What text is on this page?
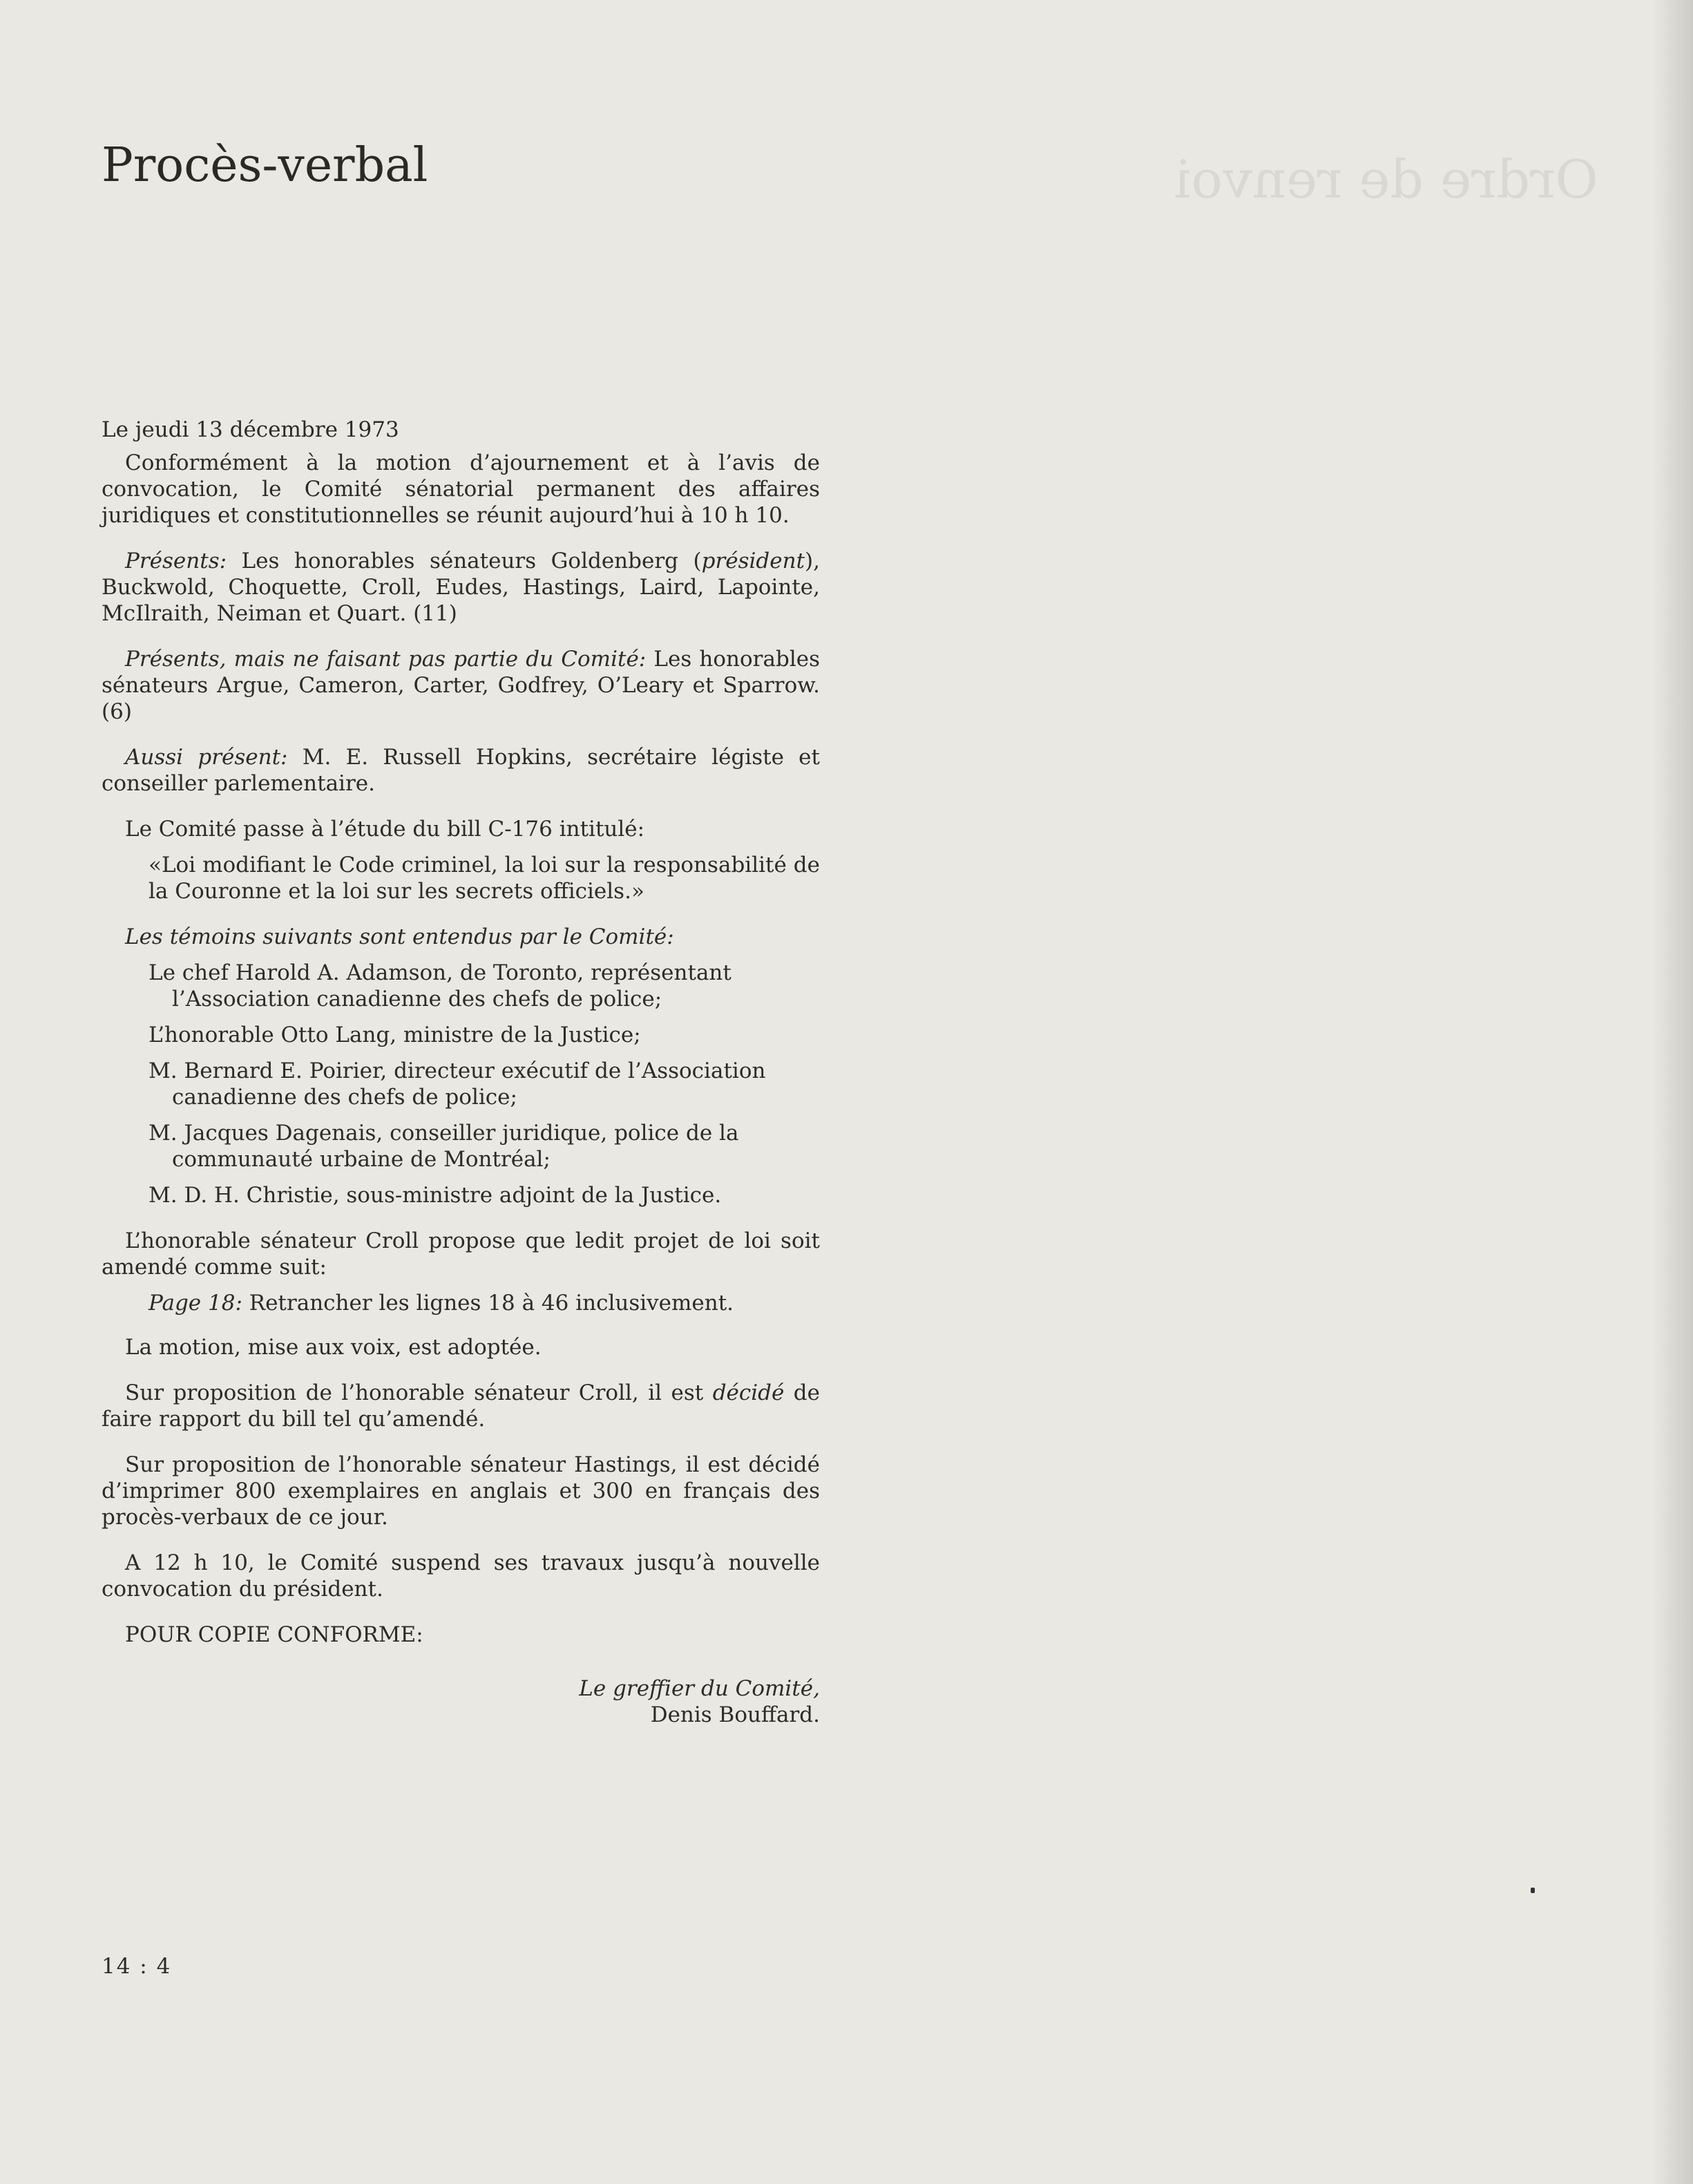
Ordre de renvoi
Procès-verbal

Le jeudi 13 décembre 1973

Conformément à la motion d’ajournement et à l’avis de convocation, le Comité sénatorial permanent des affaires juridiques et constitutionnelles se réunit aujourd’hui à 10 h 10.

Présents: Les honorables sénateurs Goldenberg (président), Buckwold, Choquette, Croll, Eudes, Hastings, Laird, Lapointe, McIlraith, Neiman et Quart. (11)

Présents, mais ne faisant pas partie du Comité: Les honorables sénateurs Argue, Cameron, Carter, Godfrey, O’Leary et Sparrow. (6)

Aussi présent: M. E. Russell Hopkins, secrétaire légiste et conseiller parlementaire.

Le Comité passe à l’étude du bill C-176 intitulé:

«Loi modifiant le Code criminel, la loi sur la responsabilité de la Couronne et la loi sur les secrets officiels.»

Les témoins suivants sont entendus par le Comité:

Le chef Harold A. Adamson, de Toronto, représentant l’Association canadienne des chefs de police;

L’honorable Otto Lang, ministre de la Justice;

M. Bernard E. Poirier, directeur exécutif de l’Association canadienne des chefs de police;

M. Jacques Dagenais, conseiller juridique, police de la communauté urbaine de Montréal;

M. D. H. Christie, sous-ministre adjoint de la Justice.

L’honorable sénateur Croll propose que ledit projet de loi soit amendé comme suit:

Page 18: Retrancher les lignes 18 à 46 inclusivement.

La motion, mise aux voix, est adoptée.

Sur proposition de l’honorable sénateur Croll, il est décidé de faire rapport du bill tel qu’amendé.

Sur proposition de l’honorable sénateur Hastings, il est décidé d’imprimer 800 exemplaires en anglais et 300 en français des procès-verbaux de ce jour.

A 12 h 10, le Comité suspend ses travaux jusqu’à nouvelle convocation du président.

POUR COPIE CONFORME:

Le greffier du Comité,
Denis Bouffard.

14 : 4
